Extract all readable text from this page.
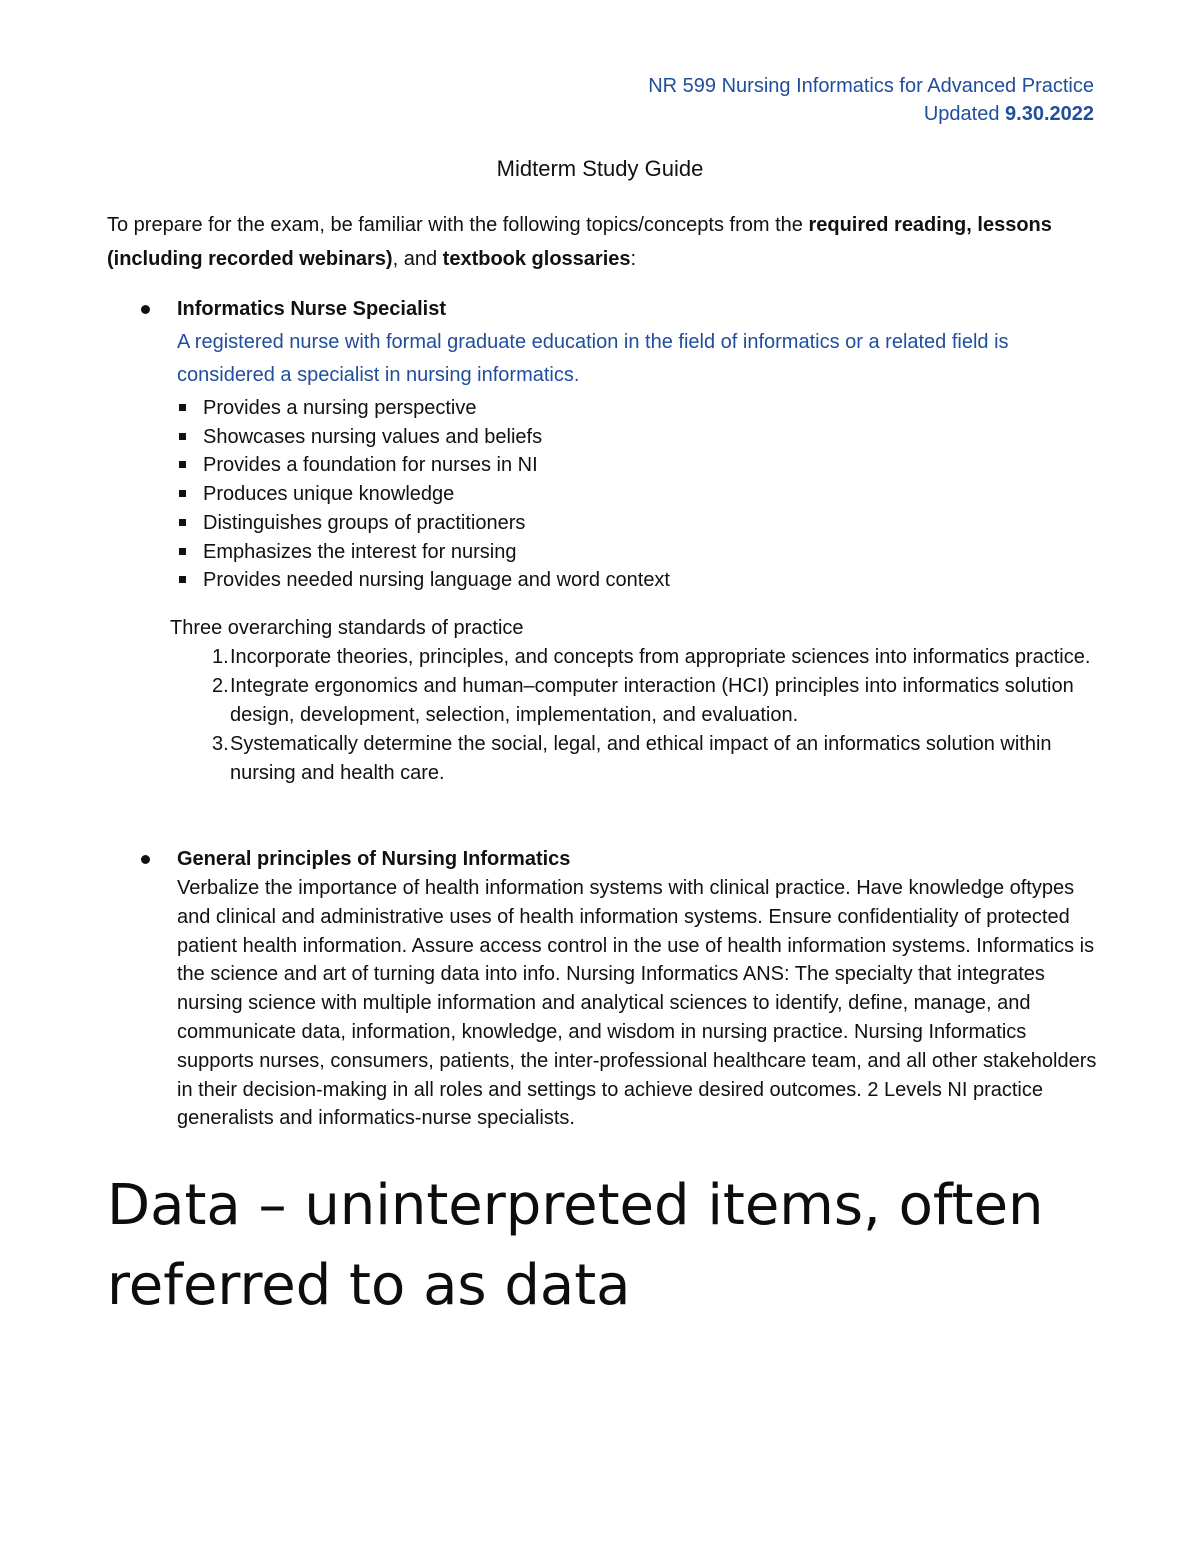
NR 599 Nursing Informatics for Advanced Practice
Updated 9.30.2022
Midterm Study Guide
To prepare for the exam, be familiar with the following topics/concepts from the required reading, lessons (including recorded webinars), and textbook glossaries:
Informatics Nurse Specialist
A registered nurse with formal graduate education in the field of informatics or a related field is considered a specialist in nursing informatics.
Provides a nursing perspective
Showcases nursing values and beliefs
Provides a foundation for nurses in NI
Produces unique knowledge
Distinguishes groups of practitioners
Emphasizes the interest for nursing
Provides needed nursing language and word context
Three overarching standards of practice
1. Incorporate theories, principles, and concepts from appropriate sciences into informatics practice.
2. Integrate ergonomics and human–computer interaction (HCI) principles into informatics solution design, development, selection, implementation, and evaluation.
3. Systematically determine the social, legal, and ethical impact of an informatics solution within nursing and health care.
General principles of Nursing Informatics
Verbalize the importance of health information systems with clinical practice. Have knowledge oftypes and clinical and administrative uses of health information systems. Ensure confidentiality of protected patient health information. Assure access control in the use of health information systems. Informatics is the science and art of turning data into info. Nursing Informatics ANS: The specialty that integrates nursing science with multiple information and analytical sciences to identify, define, manage, and communicate data, information, knowledge, and wisdom in nursing practice. Nursing Informatics supports nurses, consumers, patients, the inter-professional healthcare team, and all other stakeholders in their decision-making in all roles and settings to achieve desired outcomes. 2 Levels NI practice generalists and informatics-nurse specialists.
Data – uninterpreted items, often referred to as data
